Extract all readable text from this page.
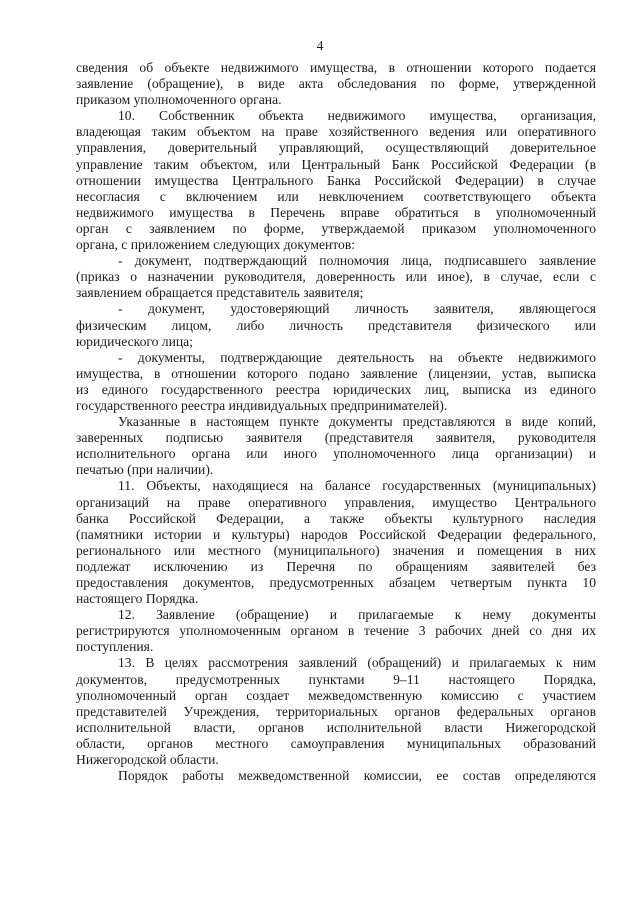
4
сведения об объекте недвижимого имущества, в отношении которого подается
заявление (обращение), в виде акта обследования по форме, утвержденной
приказом уполномоченного органа.
10. Собственник объекта недвижимого имущества, организация,
владеющая таким объектом на праве хозяйственного ведения или оперативного
управления, доверительный управляющий, осуществляющий доверительное
управление таким объектом, или Центральный Банк Российской Федерации (в
отношении имущества Центрального Банка Российской Федерации) в случае
несогласия с включением или невключением соответствующего объекта
недвижимого имущества в Перечень вправе обратиться в уполномоченный
орган с заявлением по форме, утверждаемой приказом уполномоченного
органа, с приложением следующих документов:
- документ, подтверждающий полномочия лица, подписавшего заявление
(приказ о назначении руководителя, доверенность или иное), в случае, если с
заявлением обращается представитель заявителя;
- документ, удостоверяющий личность заявителя, являющегося
физическим лицом, либо личность представителя физического или
юридического лица;
- документы, подтверждающие деятельность на объекте недвижимого
имущества, в отношении которого подано заявление (лицензии, устав, выписка
из единого государственного реестра юридических лиц, выписка из единого
государственного реестра индивидуальных предпринимателей).
Указанные в настоящем пункте документы представляются в виде копий,
заверенных подписью заявителя (представителя заявителя, руководителя
исполнительного органа или иного уполномоченного лица организации) и
печатью (при наличии).
11. Объекты, находящиеся на балансе государственных (муниципальных)
организаций на праве оперативного управления, имущество Центрального
банка Российской Федерации, а также объекты культурного наследия
(памятники истории и культуры) народов Российской Федерации федерального,
регионального или местного (муниципального) значения и помещения в них
подлежат исключению из Перечня по обращениям заявителей без
предоставления документов, предусмотренных абзацем четвертым пункта 10
настоящего Порядка.
12. Заявление (обращение) и прилагаемые к нему документы
регистрируются уполномоченным органом в течение 3 рабочих дней со дня их
поступления.
13. В целях рассмотрения заявлений (обращений) и прилагаемых к ним
документов, предусмотренных пунктами 9–11 настоящего Порядка,
уполномоченный орган создает межведомственную комиссию с участием
представителей Учреждения, территориальных органов федеральных органов
исполнительной власти, органов исполнительной власти Нижегородской
области, органов местного самоуправления муниципальных образований
Нижегородской области.
Порядок работы межведомственной комиссии, ее состав определяются
